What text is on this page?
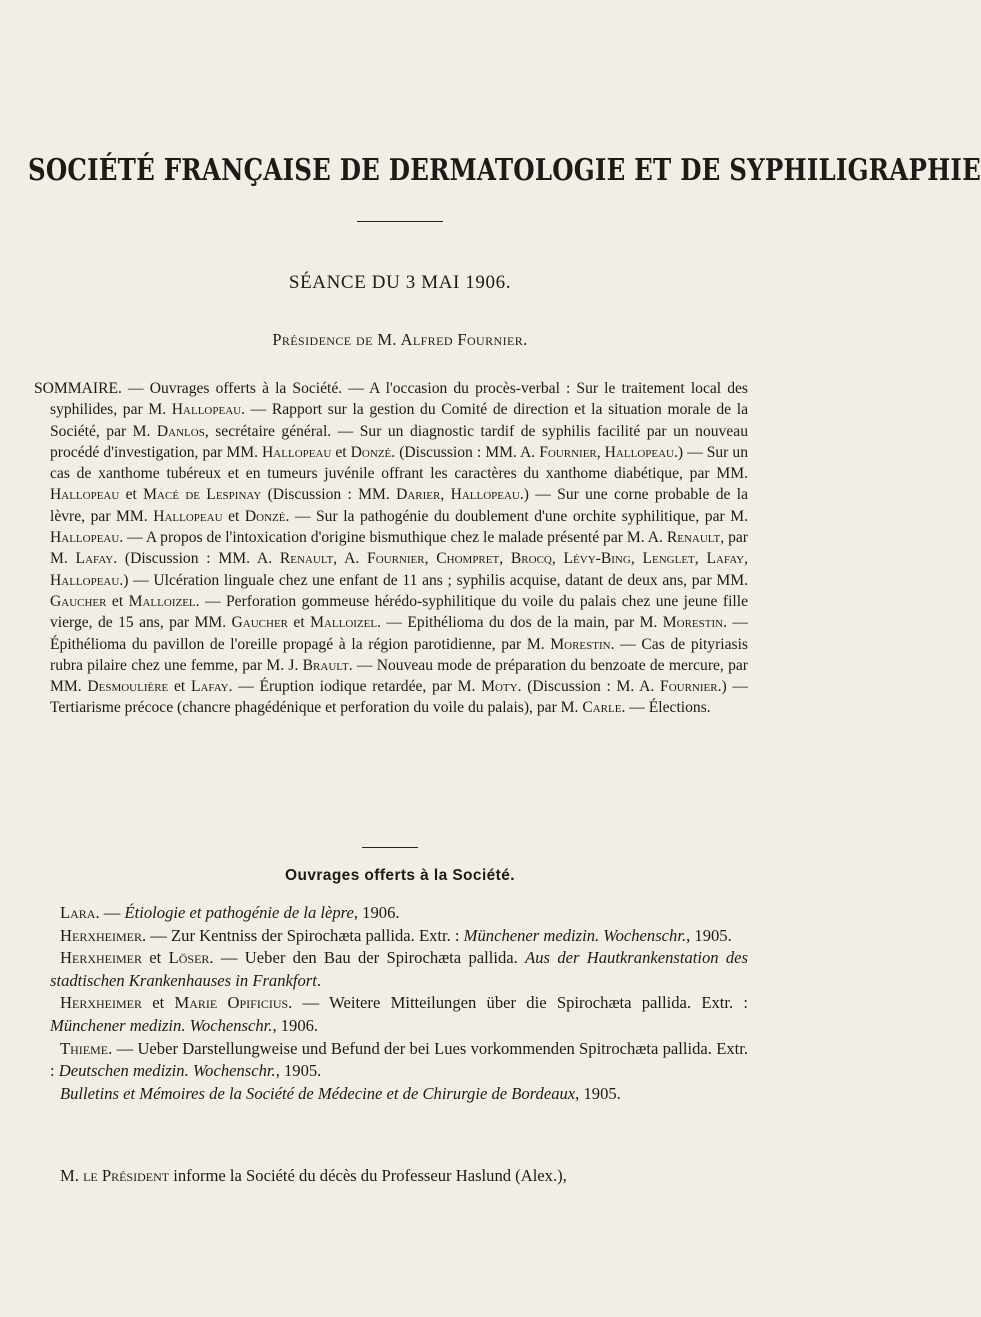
SOCIÉTÉ FRANÇAISE DE DERMATOLOGIE ET DE SYPHILIGRAPHIE
SÉANCE DU 3 MAI 1906.
Présidence de M. Alfred Fournier.
SOMMAIRE. — Ouvrages offerts à la Société. — A l'occasion du procès-verbal : Sur le traitement local des syphilides, par M. Hallopeau. — Rapport sur la gestion du Comité de direction et la situation morale de la Société, par M. Danlos, secrétaire général. — Sur un diagnostic tardif de syphilis facilité par un nouveau procédé d'investigation, par MM. Hallopeau et Donzé. (Discussion : MM. A. Fournier, Hallopeau.) — Sur un cas de xanthome tubéreux et en tumeurs juvénile offrant les caractères du xanthome diabétique, par MM. Hallopeau et Macé de Lespinay (Discussion : MM. Darier, Hallopeau.) — Sur une corne probable de la lèvre, par MM. Hallopeau et Donzé. — Sur la pathogénie du doublement d'une orchite syphilitique, par M. Hallopeau. — A propos de l'intoxication d'origine bismuthique chez le malade présenté par M. A. Renault, par M. Lafay. (Discussion : MM. A. Renault, A. Fournier, Chompret, Brocq, Lévy-Bing, Lenglet, Lafay, Hallopeau.) — Ulcération linguale chez une enfant de 11 ans ; syphilis acquise, datant de deux ans, par MM. Gaucher et Malloizel. — Perforation gommeuse hérédo-syphilitique du voile du palais chez une jeune fille vierge, de 15 ans, par MM. Gaucher et Malloizel. — Epithélioma du dos de la main, par M. Morestin. — Épithélioma du pavillon de l'oreille propagé à la région parotidienne, par M. Morestin. — Cas de pityriasis rubra pilaire chez une femme, par M. J. Brault. — Nouveau mode de préparation du benzoate de mercure, par MM. Desmoulière et Lafay. — Éruption iodique retardée, par M. Moty. (Discussion : M. A. Fournier.) — Tertiarisme précoce (chancre phagédénique et perforation du voile du palais), par M. Carle. — Élections.
Ouvrages offerts à la Société.

Lara. — Étiologie et pathogénie de la lèpre, 1906.

Herxheimer. — Zur Kentniss der Spirochæta pallida. Extr. : Münchener medizin. Wochenschr., 1905.

Herxheimer et Löser. — Ueber den Bau der Spirochæta pallida. Aus der Hautkrankenstation des stadtischen Krankenhauses in Frankfort.

Herxheimer et Marie Opificius. — Weitere Mitteilungen über die Spirochæta pallida. Extr. : Münchener medizin. Wochenschr., 1906.

Thieme. — Ueber Darstellungweise und Befund der bei Lues vorkommenden Spitrochæta pallida. Extr. : Deutschen medizin. Wochenschr., 1905.

Bulletins et Mémoires de la Société de Médecine et de Chirurgie de Bordeaux, 1905.

M. le Président informe la Société du décès du Professeur Haslund (Alex.),
